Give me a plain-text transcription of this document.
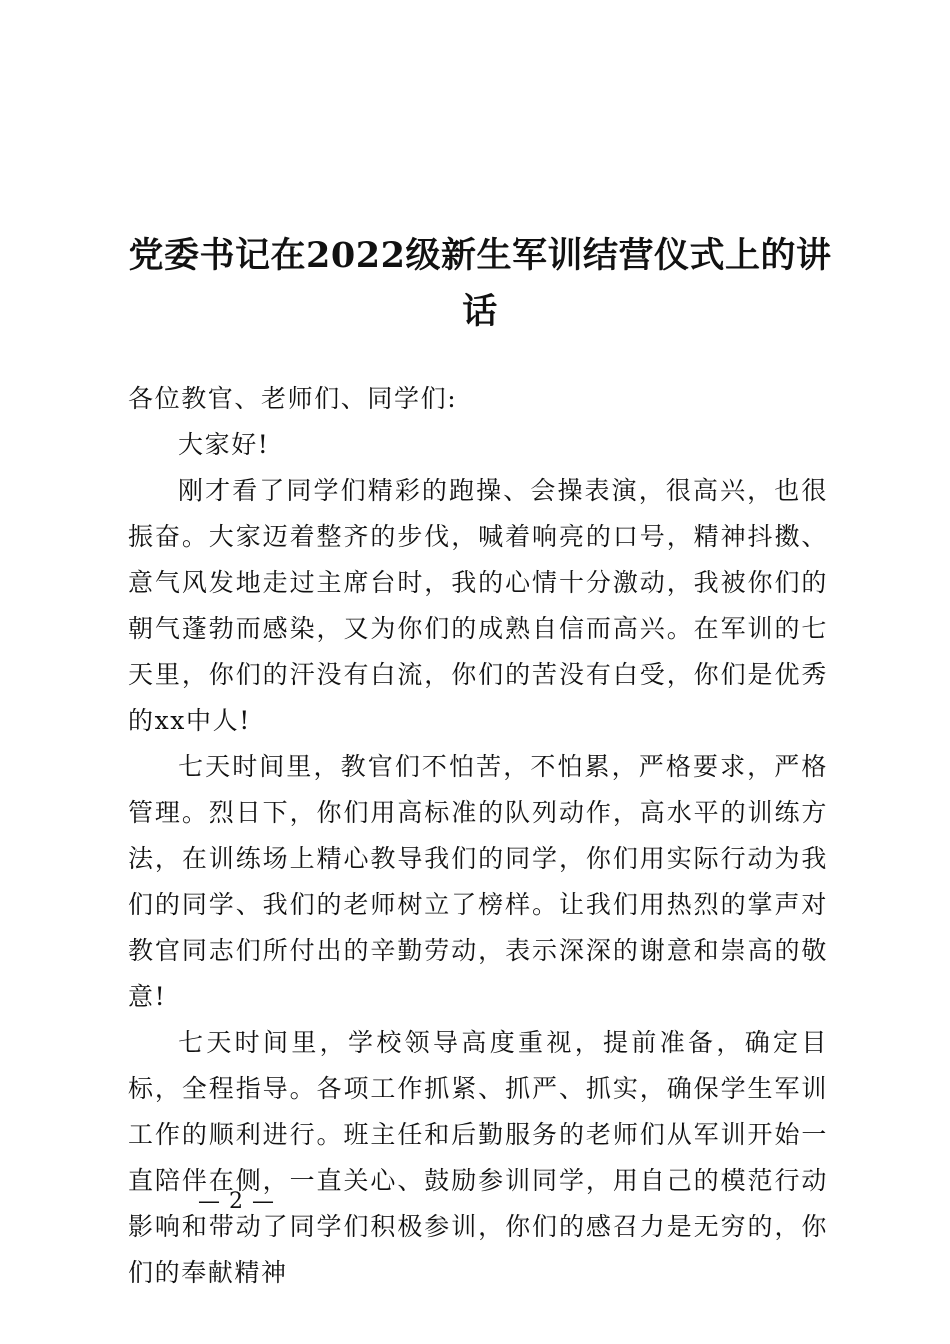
党委书记在2022级新生军训结营仪式上的讲
话

各位教官、老师们、同学们:

大家好!

刚才看了同学们精彩的跑操、会操表演，很高兴，也很振奋。大家迈着整齐的步伐，喊着响亮的口号，精神抖擞、意气风发地走过主席台时，我的心情十分激动，我被你们的朝气蓬勃而感染，又为你们的成熟自信而高兴。在军训的七天里，你们的汗没有白流，你们的苦没有白受，你们是优秀的xx中人!

七天时间里，教官们不怕苦，不怕累，严格要求，严格管理。烈日下，你们用高标准的队列动作，高水平的训练方法，在训练场上精心教导我们的同学，你们用实际行动为我们的同学、我们的老师树立了榜样。让我们用热烈的掌声对教官同志们所付出的辛勤劳动，表示深深的谢意和崇高的敬意!

七天时间里，学校领导高度重视，提前准备，确定目标，全程指导。各项工作抓紧、抓严、抓实，确保学生军训工作的顺利进行。班主任和后勤服务的老师们从军训开始一直陪伴在侧，一直关心、鼓励参训同学，用自己的模范行动影响和带动了同学们积极参训，你们的感召力是无穷的，你们的奉献精神

— 2 —
